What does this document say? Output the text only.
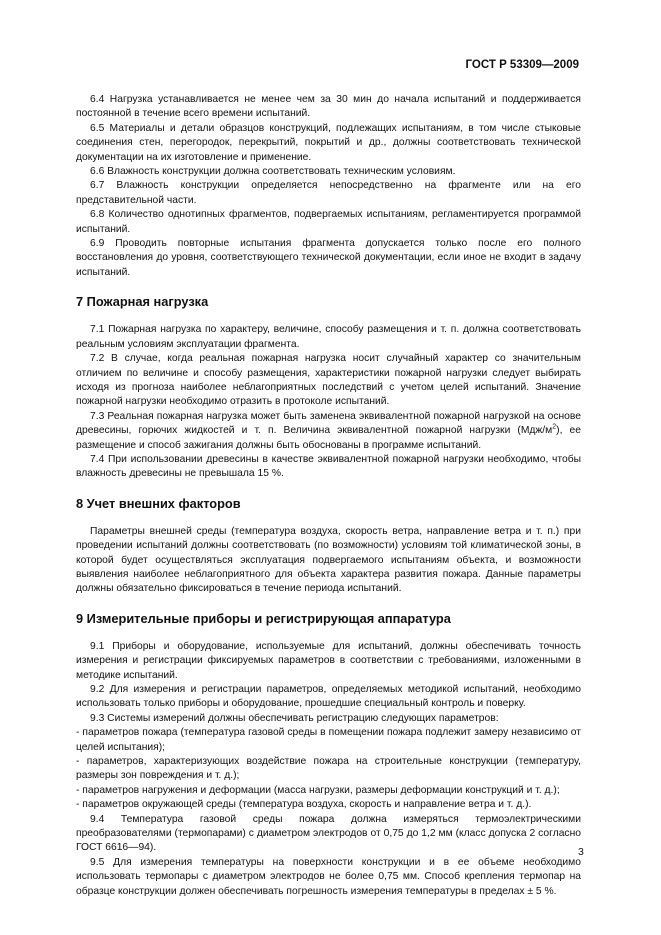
ГОСТ Р 53309—2009

6.4 Нагрузка устанавливается не менее чем за 30 мин до начала испытаний и поддерживается постоянной в течение всего времени испытаний.

6.5 Материалы и детали образцов конструкций, подлежащих испытаниям, в том числе стыковые соединения стен, перегородок, перекрытий, покрытий и др., должны соответствовать технической документации на их изготовление и применение.

6.6 Влажность конструкции должна соответствовать техническим условиям.

6.7 Влажность конструкции определяется непосредственно на фрагменте или на его представительной части.

6.8 Количество однотипных фрагментов, подвергаемых испытаниям, регламентируется программой испытаний.

6.9 Проводить повторные испытания фрагмента допускается только после его полного восстановления до уровня, соответствующего технической документации, если иное не входит в задачу испытаний.

7 Пожарная нагрузка

7.1 Пожарная нагрузка по характеру, величине, способу размещения и т. п. должна соответствовать реальным условиям эксплуатации фрагмента.

7.2 В случае, когда реальная пожарная нагрузка носит случайный характер со значительным отличием по величине и способу размещения, характеристики пожарной нагрузки следует выбирать исходя из прогноза наиболее неблагоприятных последствий с учетом целей испытаний. Значение пожарной нагрузки необходимо отразить в протоколе испытаний.

7.3 Реальная пожарная нагрузка может быть заменена эквивалентной пожарной нагрузкой на основе древесины, горючих жидкостей и т. п. Величина эквивалентной пожарной нагрузки $(Мдж/м^2)$, ее размещение и способ зажигания должны быть обоснованы в программе испытаний.

7.4 При использовании древесины в качестве эквивалентной пожарной нагрузки необходимо, чтобы влажность древесины не превышала 15 %.

8 Учет внешних факторов

Параметры внешней среды (температура воздуха, скорость ветра, направление ветра и т. п.) при проведении испытаний должны соответствовать (по возможности) условиям той климатической зоны, в которой будет осуществляться эксплуатация подвергаемого испытаниям объекта, и возможности выявления наиболее неблагоприятного для объекта характера развития пожара. Данные параметры должны обязательно фиксироваться в течение периода испытаний.

9 Измерительные приборы и регистрирующая аппаратура

9.1 Приборы и оборудование, используемые для испытаний, должны обеспечивать точность измерения и регистрации фиксируемых параметров в соответствии с требованиями, изложенными в методике испытаний.

9.2 Для измерения и регистрации параметров, определяемых методикой испытаний, необходимо использовать только приборы и оборудование, прошедшие специальный контроль и поверку.

9.3 Системы измерений должны обеспечивать регистрацию следующих параметров:

- параметров пожара (температура газовой среды в помещении пожара подлежит замеру независимо от целей испытания);

- параметров, характеризующих воздействие пожара на строительные конструкции (температуру, размеры зон повреждения и т. д.);

- параметров нагружения и деформации (масса нагрузки, размеры деформации конструкций и т. д.);

- параметров окружающей среды (температура воздуха, скорость и направление ветра и т. д.).

9.4 Температура газовой среды пожара должна измеряться термоэлектрическими преобразователями (термопарами) с диаметром электродов от 0,75 до 1,2 мм (класс допуска 2 согласно ГОСТ 6616—94).

9.5 Для измерения температуры на поверхности конструкции и в ее объеме необходимо использовать термопары с диаметром электродов не более 0,75 мм. Способ крепления термопар на образце конструкции должен обеспечивать погрешность измерения температуры в пределах ± 5 %.

3
